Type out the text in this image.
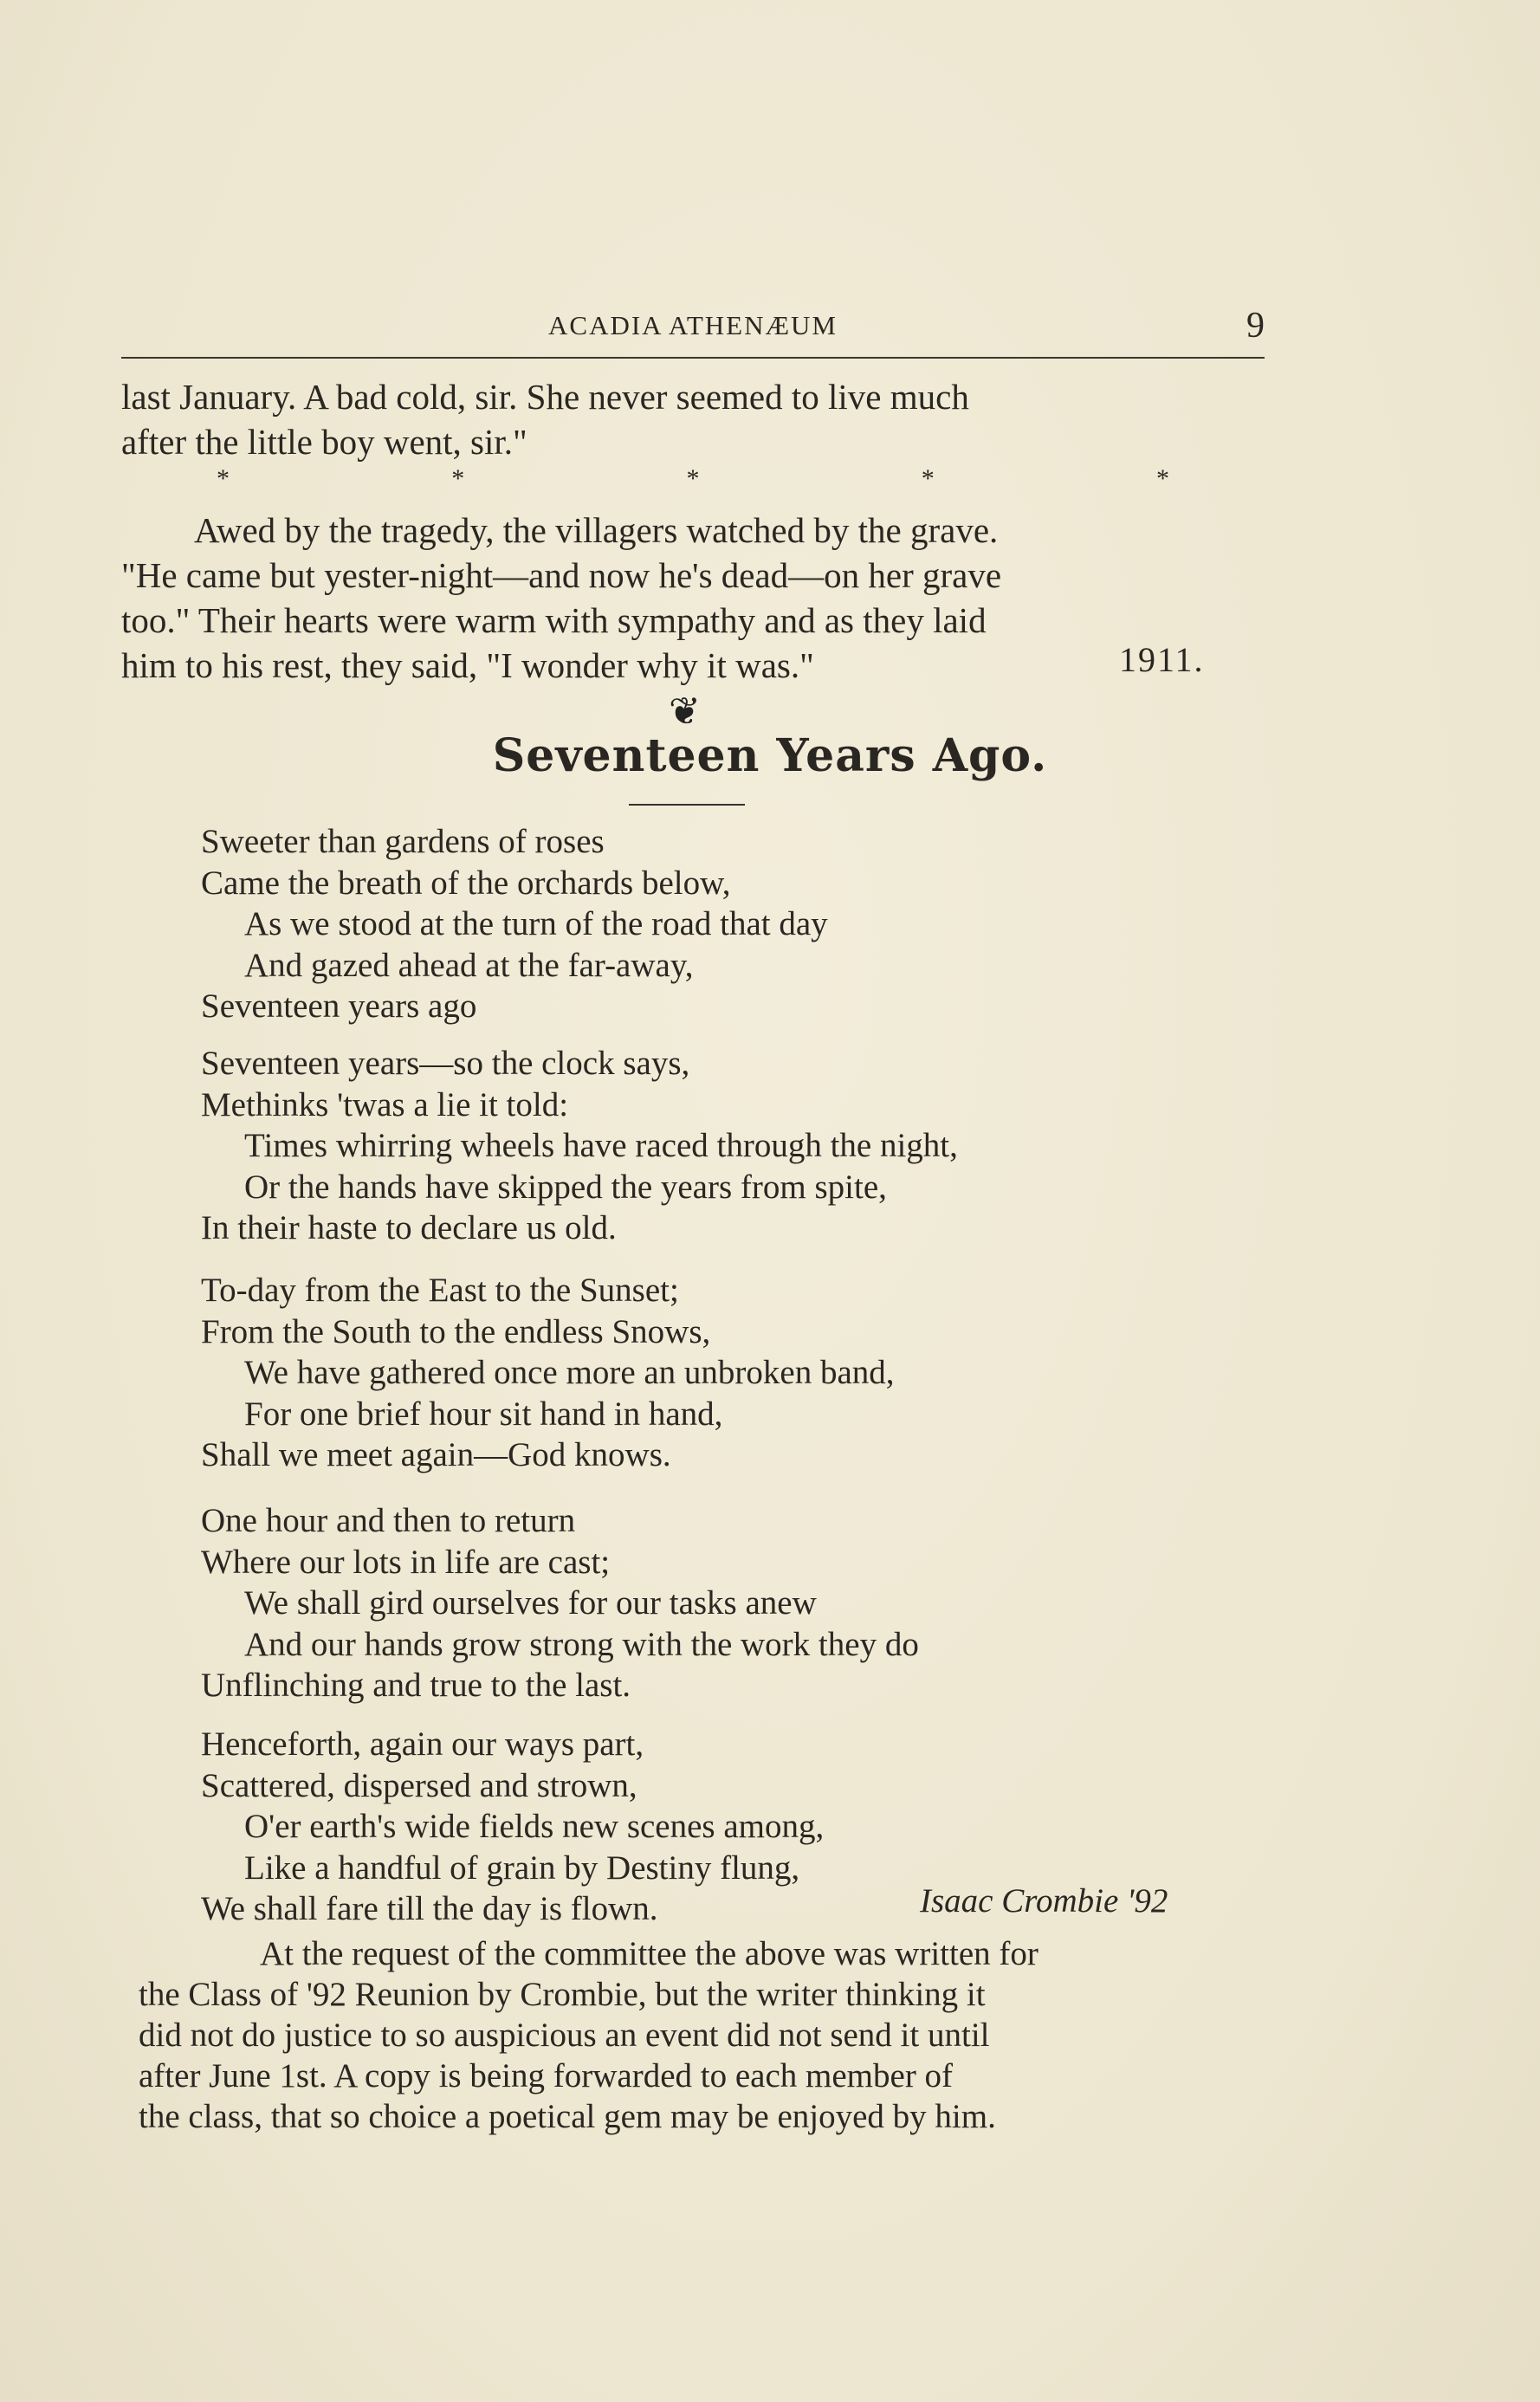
ACADIA ATHENÆUM	9
last January. A bad cold, sir. She never seemed to live much
after the little boy went, sir."
*	*	*	*	*
Awed by the tragedy, the villagers watched by the grave.
"He came but yester-night—and now he's dead—on her grave
too." Their hearts were warm with sympathy and as they laid
him to his rest, they said, "I wonder why it was."	1911.
❦
Seventeen Years Ago.
Sweeter than gardens of roses
Came the breath of the orchards below,
As we stood at the turn of the road that day
And gazed ahead at the far-away,
Seventeen years ago
Seventeen years—so the clock says,
Methinks 'twas a lie it told:
Times whirring wheels have raced through the night,
Or the hands have skipped the years from spite,
In their haste to declare us old.
To-day from the East to the Sunset;
From the South to the endless Snows,
We have gathered once more an unbroken band,
For one brief hour sit hand in hand,
Shall we meet again—God knows.
One hour and then to return
Where our lots in life are cast;
We shall gird ourselves for our tasks anew
And our hands grow strong with the work they do
Unflinching and true to the last.
Henceforth, again our ways part,
Scattered, dispersed and strown,
O'er earth's wide fields new scenes among,
Like a handful of grain by Destiny flung,
We shall fare till the day is flown.	Isaac Crombie '92
At the request of the committee the above was written for
the Class of '92 Reunion by Crombie, but the writer thinking it
did not do justice to so auspicious an event did not send it until
after June 1st. A copy is being forwarded to each member of
the class, that so choice a poetical gem may be enjoyed by him.
